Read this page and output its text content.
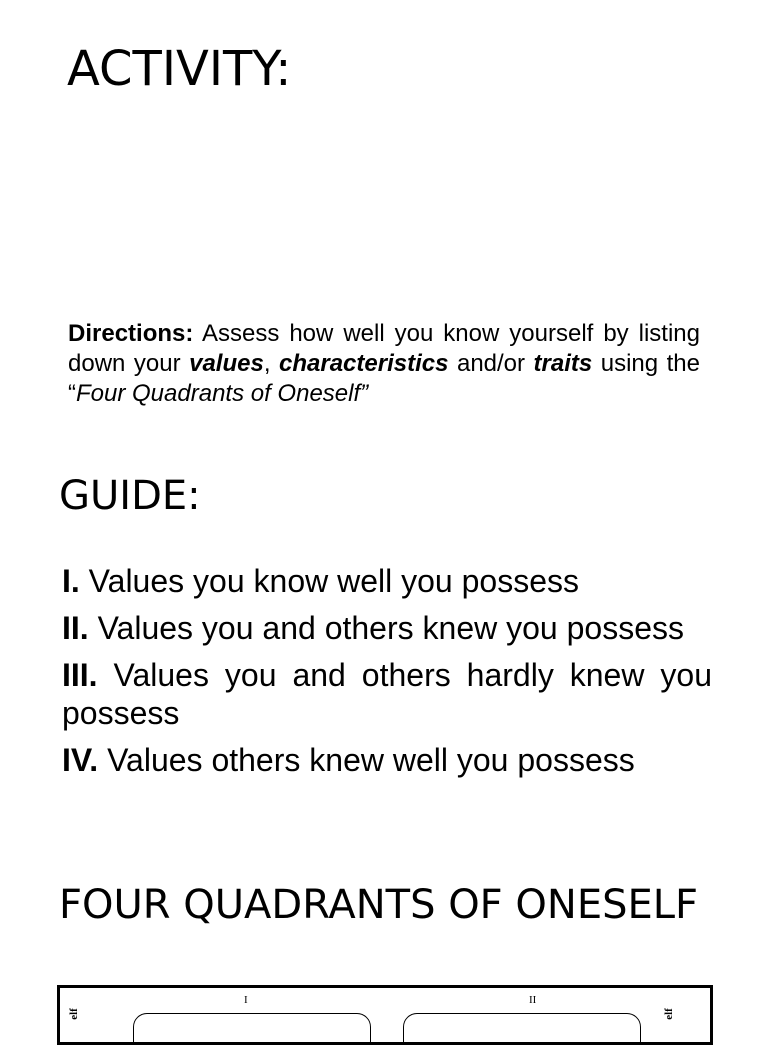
ACTIVITY:

Directions: Assess how well you know yourself by listing down your values, characteristics and/or traits using the “Four Quadrants of Oneself”

GUIDE:
I. Values you know well you possess
II. Values you and others knew you possess
III. Values you and others hardly knew you possess
IV. Values others knew well you possess
FOUR QUADRANTS OF ONESELF
elf
I	II
elf
